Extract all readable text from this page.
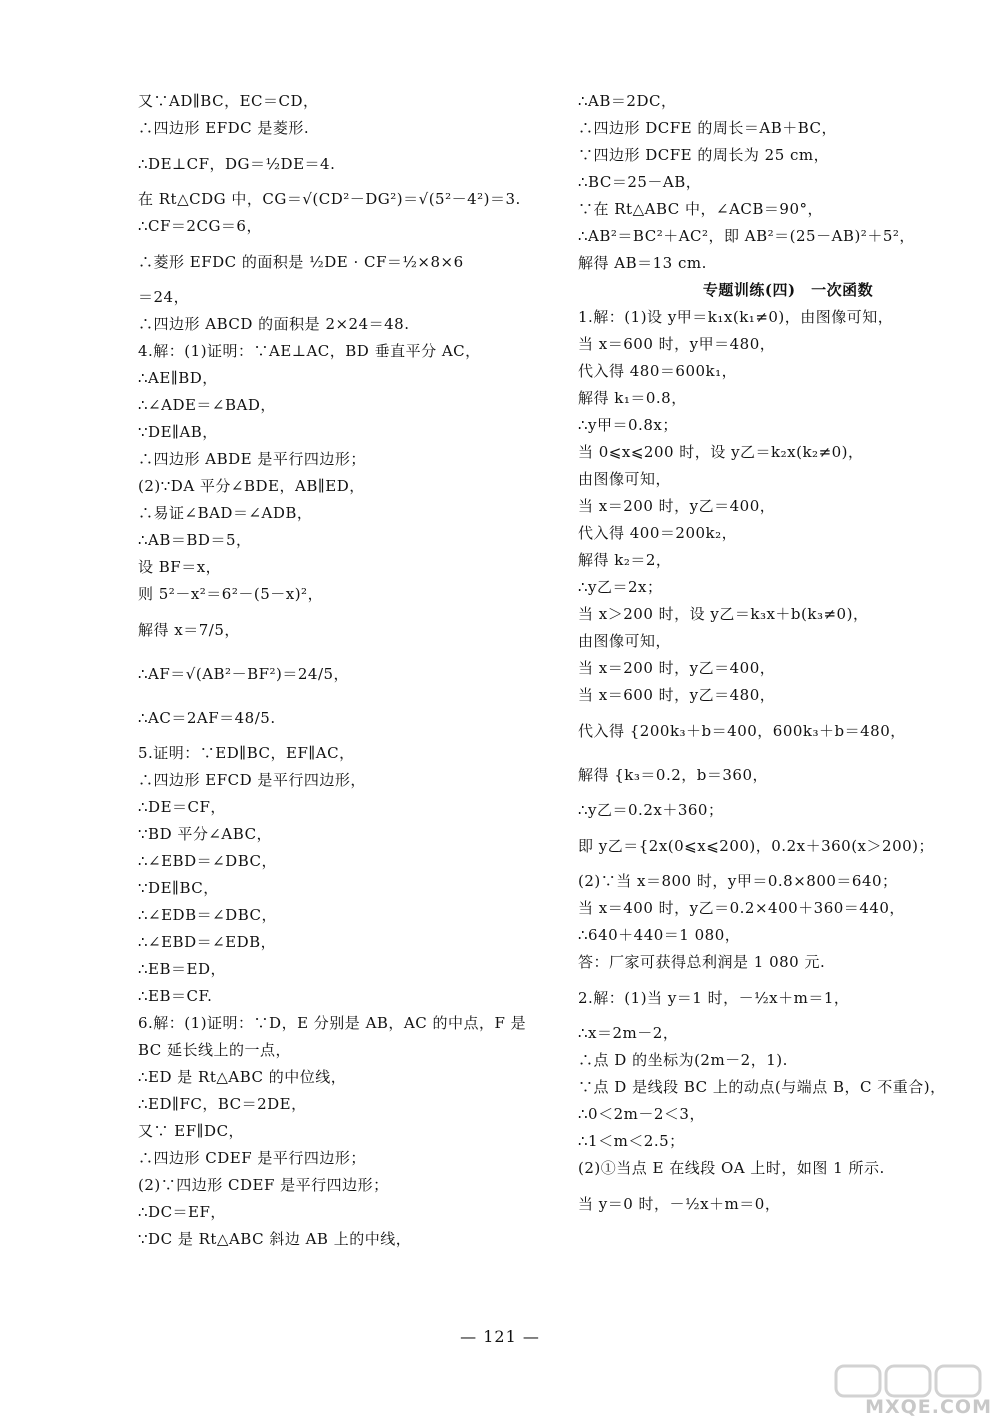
又∵AD∥BC，EC＝CD，
∴四边形 EFDC 是菱形.
∴DE⊥CF，DG＝½DE＝4.
在 Rt△CDG 中，CG＝√(CD²－DG²)＝√(5²－4²)＝3.
∴CF＝2CG＝6，
∴菱形 EFDC 的面积是 ½DE · CF＝½×8×6
＝24，
∴四边形 ABCD 的面积是 2×24＝48.
4.解：(1)证明：∵AE⊥AC，BD 垂直平分 AC，
∴AE∥BD，
∴∠ADE＝∠BAD，
∵DE∥AB，
∴四边形 ABDE 是平行四边形；
(2)∵DA 平分∠BDE，AB∥ED，
∴易证∠BAD＝∠ADB，
∴AB＝BD＝5，
设 BF＝x，
则 5²－x²＝6²－(5－x)²，
解得 x＝7/5，
∴AF＝√(AB²－BF²)＝24/5，
∴AC＝2AF＝48/5.
5.证明：∵ED∥BC，EF∥AC，
∴四边形 EFCD 是平行四边形，
∴DE＝CF，
∵BD 平分∠ABC，
∴∠EBD＝∠DBC，
∵DE∥BC，
∴∠EDB＝∠DBC，
∴∠EBD＝∠EDB，
∴EB＝ED，
∴EB＝CF.
6.解：(1)证明：∵D，E 分别是 AB，AC 的中点，F 是
BC 延长线上的一点，
∴ED 是 Rt△ABC 的中位线，
∴ED∥FC，BC＝2DE，
又∵ EF∥DC，
∴四边形 CDEF 是平行四边形；
(2)∵四边形 CDEF 是平行四边形；
∴DC＝EF，
∵DC 是 Rt△ABC 斜边 AB 上的中线，
∴AB＝2DC，
∴四边形 DCFE 的周长＝AB＋BC，
∵四边形 DCFE 的周长为 25 cm，
∴BC＝25－AB，
∵在 Rt△ABC 中，∠ACB＝90°，
∴AB²＝BC²＋AC²，即 AB²＝(25－AB)²＋5²，
解得 AB＝13 cm.
专题训练(四)　一次函数
1.解：(1)设 y甲＝k₁x(k₁≠0)，由图像可知，
当 x＝600 时，y甲＝480，
代入得 480＝600k₁，
解得 k₁＝0.8，
∴y甲＝0.8x；
当 0⩽x⩽200 时，设 y乙＝k₂x(k₂≠0)，
由图像可知，
当 x＝200 时，y乙＝400，
代入得 400＝200k₂，
解得 k₂＝2，
∴y乙＝2x；
当 x＞200 时，设 y乙＝k₃x＋b(k₃≠0)，
由图像可知，
当 x＝200 时，y乙＝400，
当 x＝600 时，y乙＝480，
代入得 {200k₃＋b＝400，600k₃＋b＝480，
解得 {k₃＝0.2，b＝360，
∴y乙＝0.2x＋360；
即 y乙＝{2x(0⩽x⩽200)，0.2x＋360(x＞200)；
(2)∵当 x＝800 时，y甲＝0.8×800＝640；
当 x＝400 时，y乙＝0.2×400＋360＝440，
∴640＋440＝1 080，
答：厂家可获得总利润是 1 080 元.
2.解：(1)当 y＝1 时，－½x＋m＝1，
∴x＝2m－2，
∴点 D 的坐标为(2m－2，1).
∵点 D 是线段 BC 上的动点(与端点 B，C 不重合)，
∴0＜2m－2＜3，
∴1＜m＜2.5；
(2)①当点 E 在线段 OA 上时，如图 1 所示.
当 y＝0 时，－½x＋m＝0，
— 121 —
MXQE.COM
